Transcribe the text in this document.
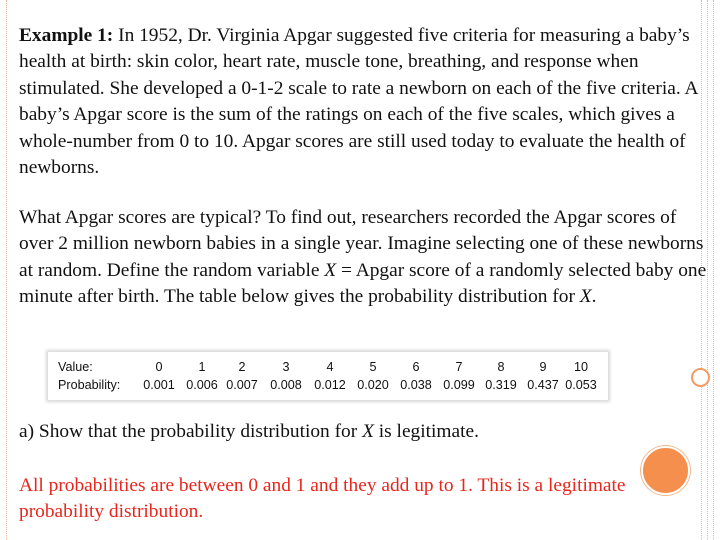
Example 1: In 1952, Dr. Virginia Apgar suggested five criteria for measuring a baby’s health at birth: skin color, heart rate, muscle tone, breathing, and response when stimulated. She developed a 0-1-2 scale to rate a newborn on each of the five criteria. A baby’s Apgar score is the sum of the ratings on each of the five scales, which gives a whole-number from 0 to 10. Apgar scores are still used today to evaluate the health of newborns.

What Apgar scores are typical? To find out, researchers recorded the Apgar scores of over 2 million newborn babies in a single year. Imagine selecting one of these newborns at random. Define the random variable X = Apgar score of a randomly selected baby one minute after birth. The table below gives the probability distribution for X.

Value:	0	1	2	3	4	5	6	7	8	9	10
Probability:	0.001 0.006 0.007 0.008 0.012 0.020 0.038 0.099 0.319 0.437 0.053

a) Show that the probability distribution for X is legitimate.

All probabilities are between 0 and 1 and they add up to 1. This is a legitimate probability distribution.
